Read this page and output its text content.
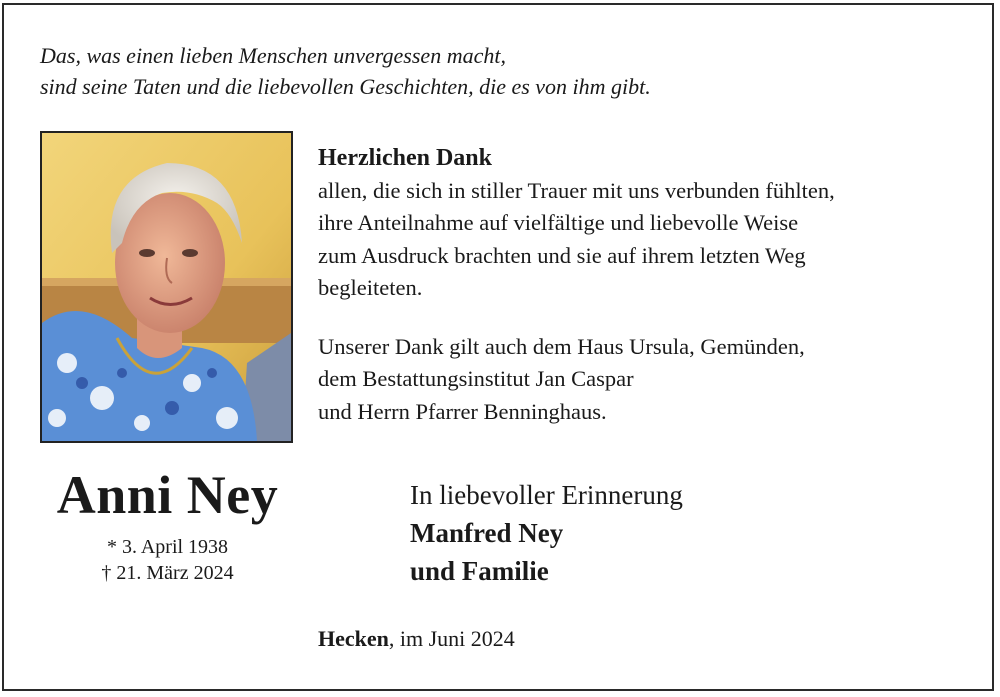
Das, was einen lieben Menschen unvergessen macht,
sind seine Taten und die liebevollen Geschichten, die es von ihm gibt.

Herzlichen Dank
allen, die sich in stiller Trauer mit uns verbunden fühlten,
ihre Anteilnahme auf vielfältige und liebevolle Weise
zum Ausdruck brachten und sie auf ihrem letzten Weg
begleiteten.
Unserer Dank gilt auch dem Haus Ursula, Gemünden,
dem Bestattungsinstitut Jan Caspar
und Herrn Pfarrer Benninghaus.
Anni Ney
* 3. April 1938
† 21. März 2024
In liebevoller Erinnerung
Manfred Ney
und Familie
Hecken, im Juni 2024
